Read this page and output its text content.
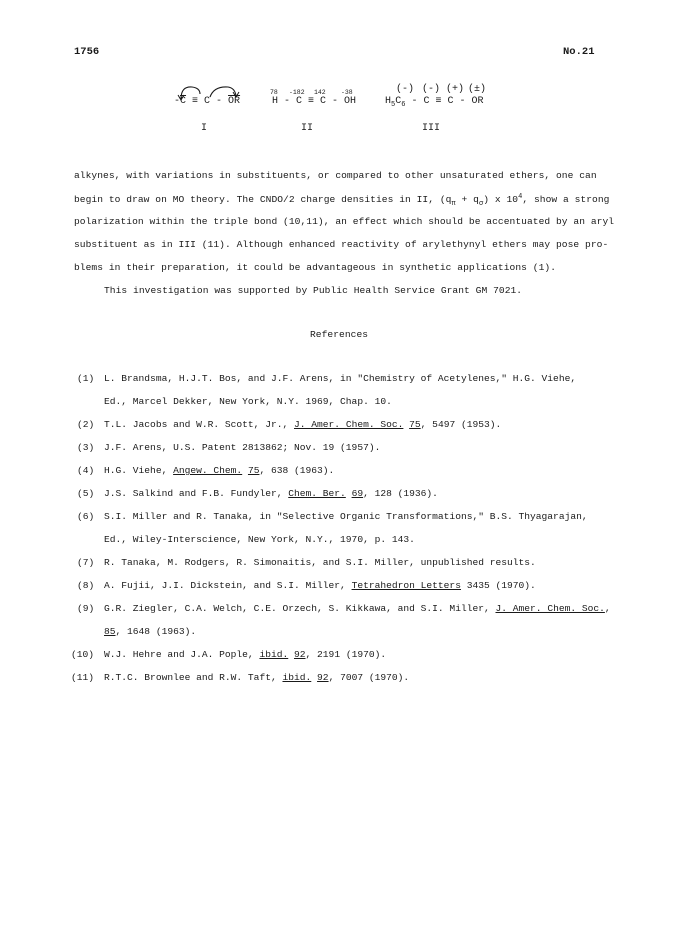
1756	No.21
$-\overline{C} \equiv C - \overline{OR}$
I
78 -182 142 -38
H - C ≡ C - OH
II
(-) (-) (+) (±)
$H_5C_6 - C \equiv C$ - OR
III
alkynes, with variations in substituents, or compared to other unsaturated ethers, one can
begin to draw on MO theory. The CNDO/2 charge densities in II, $(q_\pi + q_\sigma)$ x $10^4$, show a strong
polarization within the triple bond (10,11), an effect which should be accentuated by an aryl
substituent as in III (11). Although enhanced reactivity of arylethynyl ethers may pose pro-
blems in their preparation, it could be advantageous in synthetic applications (1).
This investigation was supported by Public Health Service Grant GM 7021.
References
(1) L. Brandsma, H.J.T. Bos, and J.F. Arens, in "Chemistry of Acetylenes," H.G. Viehe,
Ed., Marcel Dekker, New York, N.Y. 1969, Chap. 10.
(2) T.L. Jacobs and W.R. Scott, Jr., J. Amer. Chem. Soc. 75, 5497 (1953).
(3) J.F. Arens, U.S. Patent 2813862; Nov. 19 (1957).
(4) H.G. Viehe, Angew. Chem. 75, 638 (1963).
(5) J.S. Salkind and F.B. Fundyler, Chem. Ber. 69, 128 (1936).
(6) S.I. Miller and R. Tanaka, in "Selective Organic Transformations," B.S. Thyagarajan,
Ed., Wiley-Interscience, New York, N.Y., 1970, p. 143.
(7) R. Tanaka, M. Rodgers, R. Simonaitis, and S.I. Miller, unpublished results.
(8) A. Fujii, J.I. Dickstein, and S.I. Miller, Tetrahedron Letters 3435 (1970).
(9) G.R. Ziegler, C.A. Welch, C.E. Orzech, S. Kikkawa, and S.I. Miller, J. Amer. Chem. Soc.,
85, 1648 (1963).
(10) W.J. Hehre and J.A. Pople, ibid. 92, 2191 (1970).
(11) R.T.C. Brownlee and R.W. Taft, ibid. 92, 7007 (1970).
